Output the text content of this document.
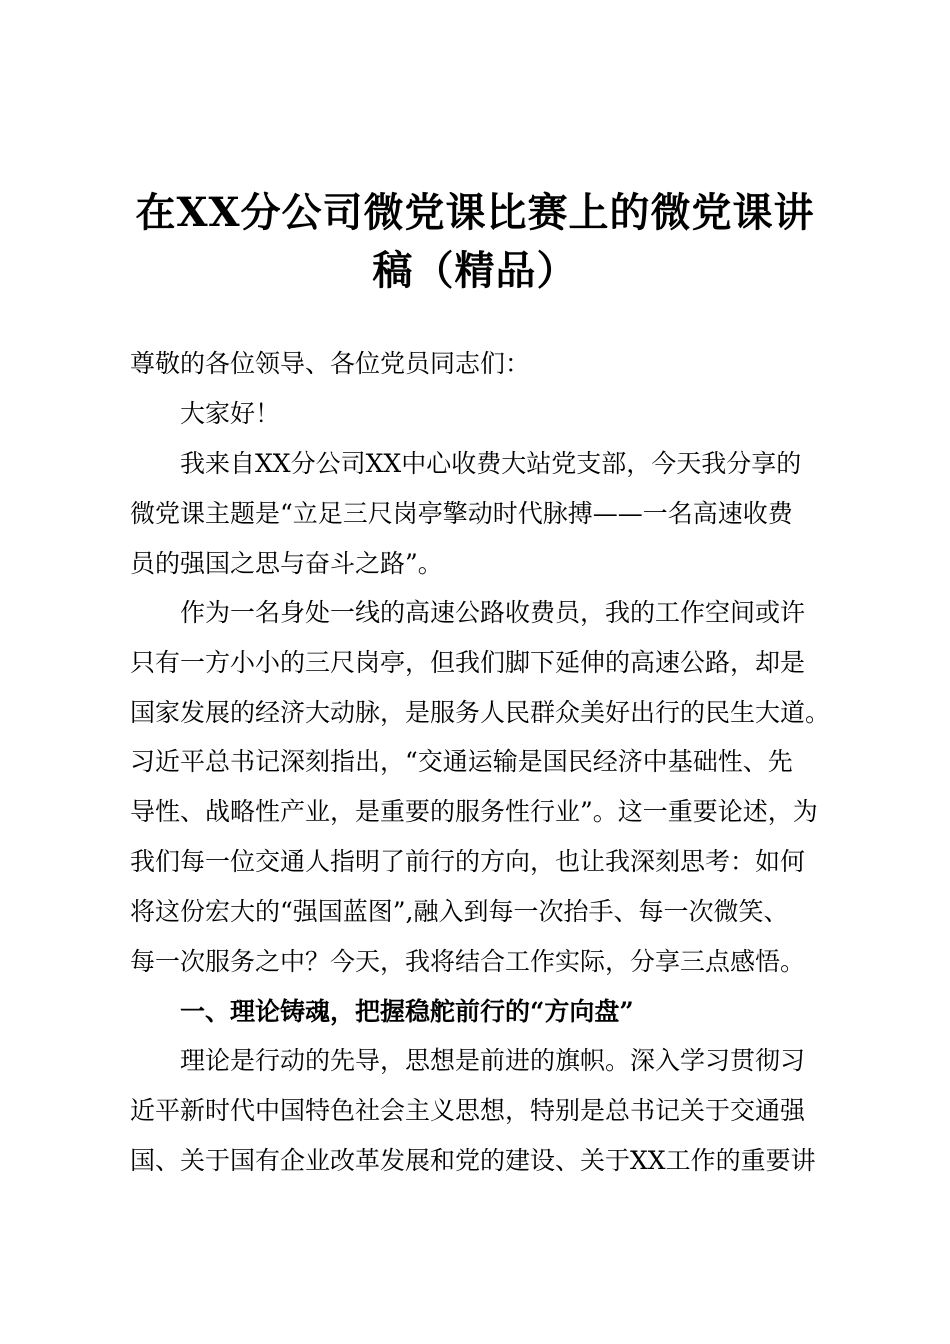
在XX分公司微党课比赛上的微党课讲
稿（精品）
尊敬的各位领导、各位党员同志们：
大家好！
我来自XX分公司XX中心收费大站党支部，今天我分享的
微党课主题是“立足三尺岗亭擎动时代脉搏——一名高速收费
员的强国之思与奋斗之路”。
作为一名身处一线的高速公路收费员，我的工作空间或许
只有一方小小的三尺岗亭，但我们脚下延伸的高速公路，却是
国家发展的经济大动脉，是服务人民群众美好出行的民生大道。
习近平总书记深刻指出，“交通运输是国民经济中基础性、先
导性、战略性产业，是重要的服务性行业”。这一重要论述，为
我们每一位交通人指明了前行的方向，也让我深刻思考：如何
将这份宏大的“强国蓝图”,融入到每一次抬手、每一次微笑、
每一次服务之中？今天，我将结合工作实际，分享三点感悟。
一、理论铸魂，把握稳舵前行的“方向盘”
理论是行动的先导，思想是前进的旗帜。深入学习贯彻习
近平新时代中国特色社会主义思想，特别是总书记关于交通强
国、关于国有企业改革发展和党的建设、关于XX工作的重要讲
